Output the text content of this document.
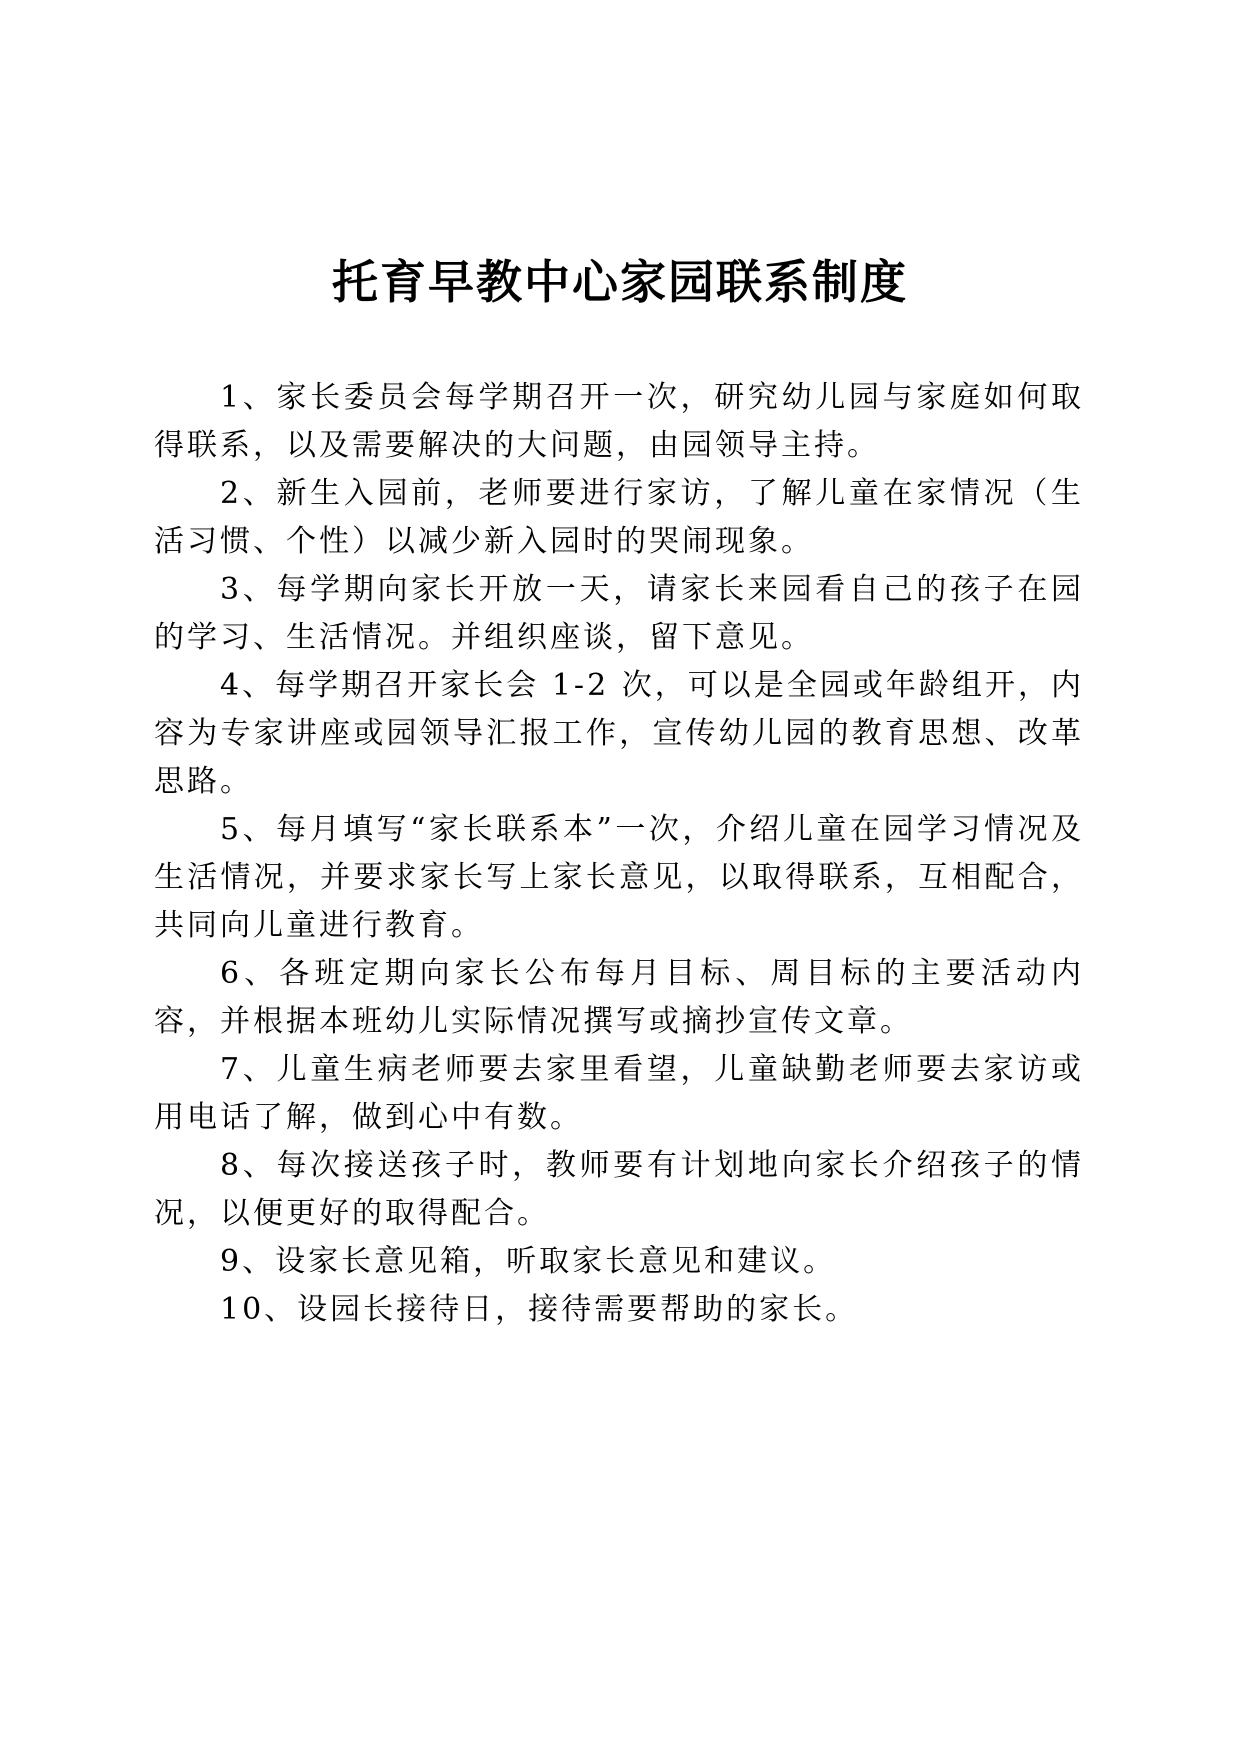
托育早教中心家园联系制度

1、家长委员会每学期召开一次，研究幼儿园与家庭如何取得联系，以及需要解决的大问题，由园领导主持。

2、新生入园前，老师要进行家访，了解儿童在家情况（生活习惯、个性）以减少新入园时的哭闹现象。

3、每学期向家长开放一天，请家长来园看自己的孩子在园的学习、生活情况。并组织座谈，留下意见。

4、每学期召开家长会 1-2 次，可以是全园或年龄组开，内容为专家讲座或园领导汇报工作，宣传幼儿园的教育思想、改革思路。

5、每月填写“家长联系本”一次，介绍儿童在园学习情况及生活情况，并要求家长写上家长意见，以取得联系，互相配合，共同向儿童进行教育。

6、各班定期向家长公布每月目标、周目标的主要活动内容，并根据本班幼儿实际情况撰写或摘抄宣传文章。

7、儿童生病老师要去家里看望，儿童缺勤老师要去家访或用电话了解，做到心中有数。

8、每次接送孩子时，教师要有计划地向家长介绍孩子的情况，以便更好的取得配合。

9、设家长意见箱，听取家长意见和建议。

10、设园长接待日，接待需要帮助的家长。
